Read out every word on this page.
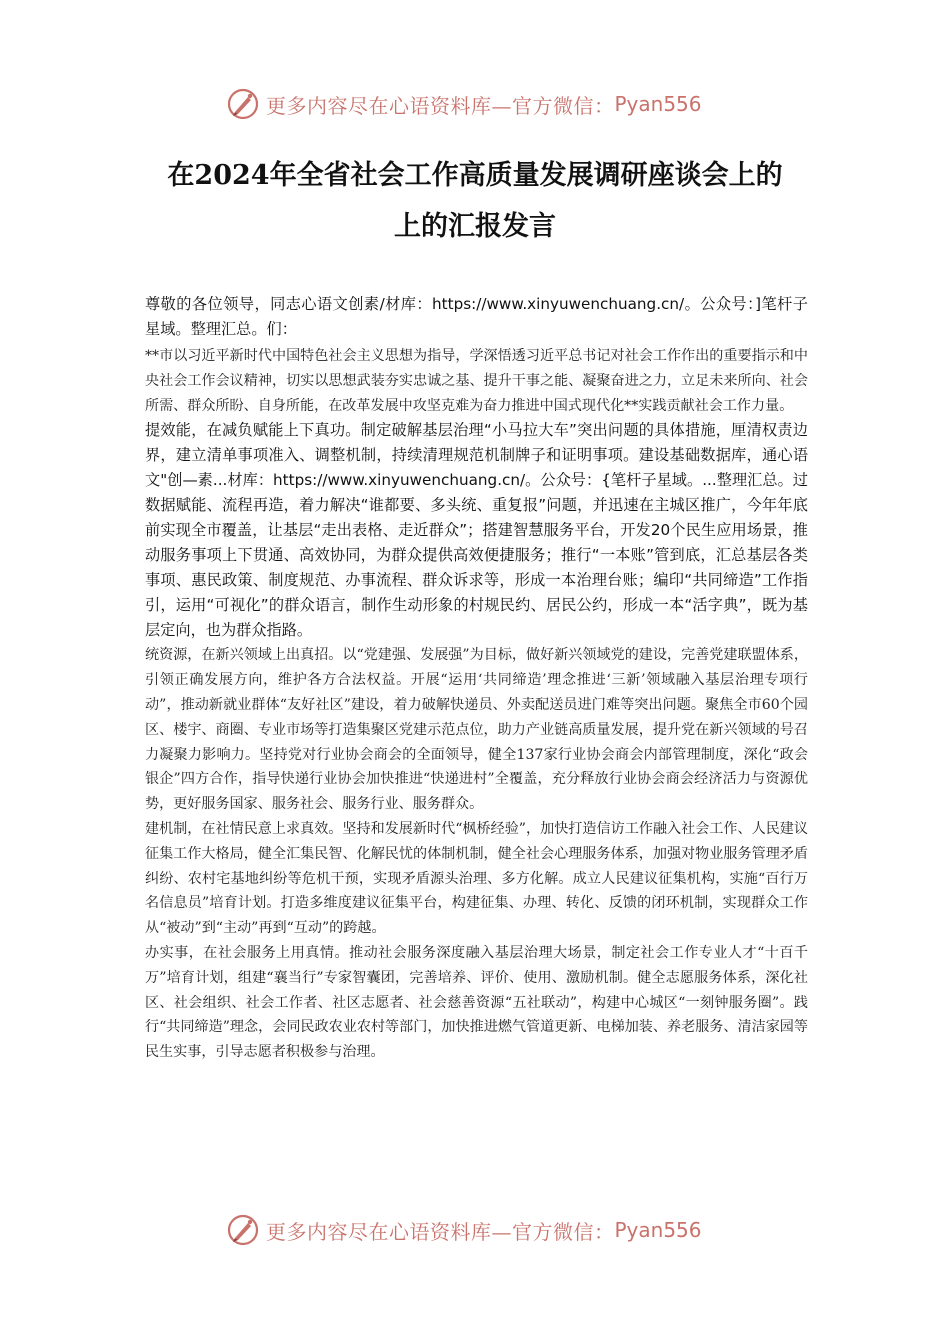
更多内容尽在心语资料库—官方微信： Pyan556
在2024年全省社会工作高质量发展调研座谈会上的
上的汇报发言

尊敬的各位领导，同志心语文创素/材库：https://www.xinyuwenchuang.cn/。公众号：]笔杆子星域。整理汇总。们：

**市以习近平新时代中国特色社会主义思想为指导，学深悟透习近平总书记对社会工作作出的重要指示和中央社会工作会议精神，切实以思想武装夯实忠诚之基、提升干事之能、凝聚奋进之力，立足未来所向、社会所需、群众所盼、自身所能，在改革发展中攻坚克难为奋力推进中国式现代化**实践贡献社会工作力量。

提效能，在减负赋能上下真功。制定破解基层治理“小马拉大车”突出问题的具体措施，厘清权责边界，建立清单事项准入、调整机制，持续清理规范机制牌子和证明事项。建设基础数据库，通心语文"创—素...材库：https://www.xinyuwenchuang.cn/。公众号：{笔杆子星域。...整理汇总。过数据赋能、流程再造，着力解决“谁都要、多头统、重复报”问题，并迅速在主城区推广，今年年底前实现全市覆盖，让基层“走出表格、走近群众”；搭建智慧服务平台，开发20个民生应用场景，推动服务事项上下贯通、高效协同，为群众提供高效便捷服务；推行“一本账”管到底，汇总基层各类事项、惠民政策、制度规范、办事流程、群众诉求等，形成一本治理台账；编印“共同缔造”工作指引，运用“可视化”的群众语言，制作生动形象的村规民约、居民公约，形成一本“活字典”，既为基层定向，也为群众指路。

统资源，在新兴领域上出真招。以“党建强、发展强”为目标，做好新兴领域党的建设，完善党建联盟体系，引领正确发展方向，维护各方合法权益。开展“运用‘共同缔造’理念推进‘三新’领域融入基层治理专项行动”，推动新就业群体“友好社区”建设，着力破解快递员、外卖配送员进门难等突出问题。聚焦全市60个园区、楼宇、商圈、专业市场等打造集聚区党建示范点位，助力产业链高质量发展，提升党在新兴领域的号召力凝聚力影响力。坚持党对行业协会商会的全面领导，健全137家行业协会商会内部管理制度，深化“政会银企”四方合作，指导快递行业协会加快推进“快递进村”全覆盖，充分释放行业协会商会经济活力与资源优势，更好服务国家、服务社会、服务行业、服务群众。

建机制，在社情民意上求真效。坚持和发展新时代“枫桥经验”，加快打造信访工作融入社会工作、人民建议征集工作大格局，健全汇集民智、化解民忧的体制机制，健全社会心理服务体系，加强对物业服务管理矛盾纠纷、农村宅基地纠纷等危机干预，实现矛盾源头治理、多方化解。成立人民建议征集机构，实施“百行万名信息员”培育计划。打造多维度建议征集平台，构建征集、办理、转化、反馈的闭环机制，实现群众工作从“被动”到“主动”再到“互动”的跨越。

办实事，在社会服务上用真情。推动社会服务深度融入基层治理大场景，制定社会工作专业人才“十百千万”培育计划，组建“襄当行”专家智囊团，完善培养、评价、使用、激励机制。健全志愿服务体系，深化社区、社会组织、社会工作者、社区志愿者、社会慈善资源“五社联动”，构建中心城区“一刻钟服务圈”。践行“共同缔造”理念，会同民政农业农村等部门，加快推进燃气管道更新、电梯加装、养老服务、清洁家园等民生实事，引导志愿者积极参与治理。

更多内容尽在心语资料库—官方微信： Pyan556
